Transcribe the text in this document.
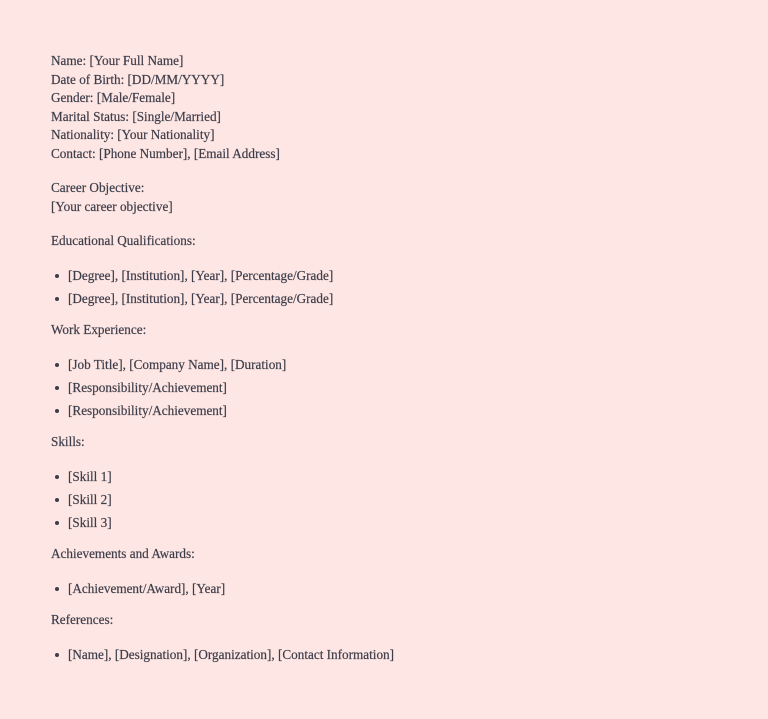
Name: [Your Full Name]
Date of Birth: [DD/MM/YYYY]
Gender: [Male/Female]
Marital Status: [Single/Married]
Nationality: [Your Nationality]
Contact: [Phone Number], [Email Address]
Career Objective:
[Your career objective]
Educational Qualifications:
[Degree], [Institution], [Year], [Percentage/Grade]
[Degree], [Institution], [Year], [Percentage/Grade]
Work Experience:
[Job Title], [Company Name], [Duration]
[Responsibility/Achievement]
[Responsibility/Achievement]
Skills:
[Skill 1]
[Skill 2]
[Skill 3]
Achievements and Awards:
[Achievement/Award], [Year]
References:
[Name], [Designation], [Organization], [Contact Information]
